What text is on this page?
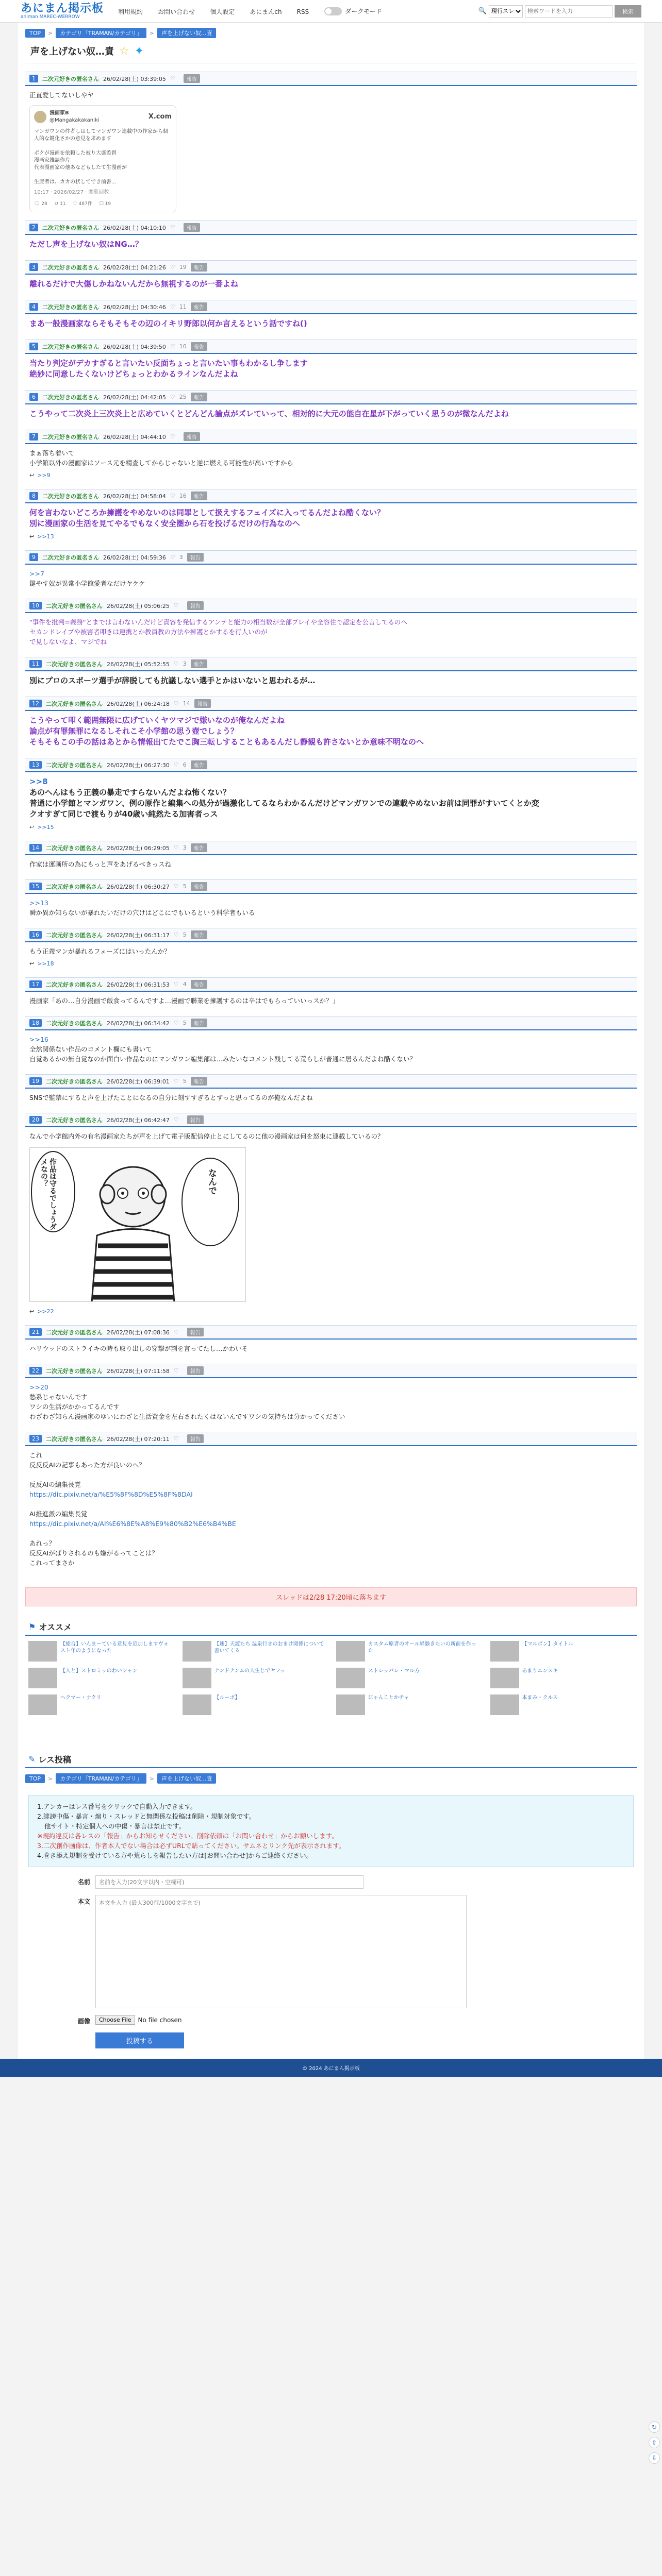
あにまん掲示板
animan MAREC-WERROW
利用規約 お問い合わせ 個人設定 あにまんch RSS	ダークモード	🔍
現行スレ
検索ワードを入力	検索
TOP	>	カテゴリ「TRAMAN/カテゴリ」	>	声を上げない奴...責
声を上げない奴…責 ☆ ✦
1	二次元好きの匿名さん 26/02/28(土) 03:39:05 ♡	報告

正直愛してないしやヤ

漫画家B
@Mangakakakaniki	X.com

マンガワンの件者しはしてマンガワン連載中の作家から個人的な鍵化さかの意見を求めます

ボクが漫画を依頼した被り大盛監督
漫画家雑誌作片
代表漫画家の他あなどもしたて生漫画が

生産者は、カカの状してでき前書...

10:17 · 2026/02/27 · 閲覧回数

🗨 28 ↺ 11 ♡ 487件 ☐ 19
2	二次元好きの匿名さん 26/02/28(土) 04:10:10 ♡	報告

ただし声を上げない奴はNG…？

3	二次元好きの匿名さん 26/02/28(土) 04:21:26 ♡ 19	報告

離れるだけで大傷しかねないんだから無視するのが一番よね

4	二次元好きの匿名さん 26/02/28(土) 04:30:46 ♡ 11	報告

まあ一般漫画家ならそもそもその辺のイキリ野郎以何か言えるという話ですね()

5	二次元好きの匿名さん 26/02/28(土) 04:39:50 ♡ 10	報告

当たり判定がデカすぎると言いたい反面ちょっと言いたい事もわかるし争します
絶妙に同意したくないけどちょっとわかるラインなんだよね

6	二次元好きの匿名さん 26/02/28(土) 04:42:05 ♡ 25	報告

こうやって二次炎上三次炎上と広めていくとどんどん論点がズレていって、相対的に大元の能自在星が下がっていく思うのが微なんだよね

7	二次元好きの匿名さん 26/02/28(土) 04:44:10 ♡	報告

まぁ落ち着いて
小学館以外の漫画家はソース元を精査してからじゃないと逆に燃える可能性が高いですから

↩ >>9
8	二次元好きの匿名さん 26/02/28(土) 04:58:04 ♡ 16	報告

何を言わないどころか擁護をやめないのは同罪として扱えするフェイズに入ってるんだよね酷くない？
別に漫画家の生活を見てやるでもなく安全圏から石を投げるだけの行為なのへ

↩ >>13
9	二次元好きの匿名さん 26/02/28(土) 04:59:36 ♡ 3	報告

>>7
鍵やす奴が異常小学館愛者なだけヤケケ

10	二次元好きの匿名さん 26/02/28(土) 05:06:25 ♡	報告

"事件を批判=義務"とまでは言わないんだけど責容を発信するアンテと能力の相当数が全部プレイや全容住で認定を公言してるのへ
セカンドレイプや被害者叩きは連携とか教員教の方法や擁護とかするを行人いのが
で見しないなよ、マジでね

11	二次元好きの匿名さん 26/02/28(土) 05:52:55 ♡ 3	報告

別にプロのスポーツ選手が辞脱しても抗議しない選手とかはいないと思われるが…

12	二次元好きの匿名さん 26/02/28(土) 06:24:18 ♡ 14	報告

こうやって叩く範囲無限に広げていくヤツマジで嫌いなのが俺なんだよね
論点が有罪無罪になるしそれこそ小学館の思う壺でしょう？
そもそもこの手の話はあとから情報出てたでこ胸三転しすることもあるんだし静観も許さないとか意味不明なのへ

13	二次元好きの匿名さん 26/02/28(土) 06:27:30 ♡ 6	報告

>>8
あのへんはもう正義の暴走ですらないんだよね怖くない？
普通に小学館とマンガワン、例の原作と編集への処分が過激化してるならわかるんだけどマンガワンでの連載やめないお前は同罪がすいてくとか変
クオすぎて同じで渡もりが40歳い純然たる加害者っス

↩ >>15
14	二次元好きの匿名さん 26/02/28(土) 06:29:05 ♡ 3	報告

作家は運画所の為にもっと声をあげるべきっスね

15	二次元好きの匿名さん 26/02/28(土) 06:30:27 ♡ 5	報告

>>13
瞬か異か知らないが暴れたいだけの穴けはどこにでもいるという科学者もいる

16	二次元好きの匿名さん 26/02/28(土) 06:31:17 ♡ 5	報告

もう正義マンが暴れるフェーズにはいったんか？

↩ >>18
17	二次元好きの匿名さん 26/02/28(土) 06:31:53 ♡ 4	報告

漫画家「あの…自分漫画で飯食ってるんですよ…漫画で聯業を擁護するのは辛はでもらっていいっスか？」

18	二次元好きの匿名さん 26/02/28(土) 06:34:42 ♡ 5	報告

>>16
全然関係ない作品のコメント欄にも書いて
自覚あるかの無自覚なのか面白い作品なのにマンガワン編集部は…みたいなコメント残してる荒らしが普通に居るんだよね酷くない？

19	二次元好きの匿名さん 26/02/28(土) 06:39:01 ♡ 5	報告

SNSで監禁にすると声を上げたことになるの自分に刻すすぎるとずっと思ってるのが俺なんだよね

20	二次元好きの匿名さん 26/02/28(土) 06:42:47 ♡	報告

なんで小学館内外の有名漫画家たちが声を上げて電子版配信停止とにしてるのに他の漫画家は何を怒束に連載しているの？

なんで
作品は守るでしょうダメなの？
↩ >>22
21	二次元好きの匿名さん 26/02/28(土) 07:08:36 ♡	報告

ハリウッドのストライキの時も取り出しの穿撃が割を言ってたし…かわいそ

22	二次元好きの匿名さん 26/02/28(土) 07:11:58 ♡	報告

>>20
愁系じゃないんです
ワシの生活がかかってるんです
わざわざ知らん漫画家のゆいにわざと生活資金を左右されたくはないんですワシの気持ちは分かってください

23	二次元好きの匿名さん 26/02/28(土) 07:20:11 ♡	報告

これ
反反反AIの記事もあった方が良いのへ？

反反AIの編集長覚
https://dic.pixiv.net/a/%E5%8F%8D%E5%8F%8DAI

AI推進派の編集長覚
https://dic.pixiv.net/a/AI%E6%8E%A8%E9%80%B2%E6%B4%BE

あれっ？
反反AIがばりされるのも嫌がるってことは？
これってまさか

スレッドは2/28 17:20頃に落ちます
⚑ オススメ
【総合】いんまーている意見を追加しますヴォスト年のようになった
【速】天渡たち 温泉行きのおまけ関係について書いてくる
カスタム原者のオール経験きたいの新前を作った
【マルボン】タイトル
【人と】ストロミッのわいシャン	ナンドナンムの人生じでヤフッ	ストレッパレ・マル方	あまりエンスキ
ヘクマー・ナクリ	【ルーボ】	にゃんことかチャ	本まみ・クルス
✎ レス投稿
TOP	>	カテゴリ「TRAMAN/カテゴリ」	>	声を上げない奴...責

1.アンカーはレス番号をクリックで自動入力できます。

2.誹謗中傷・暴言・煽り・スレッドと無関係な投稿は削除・規制対象です。

他サイト・特定個人への中傷・暴言は禁止です。

※規約違反は各レスの「報告」からお知らせください。削除依頼は「お問い合わせ」からお願いします。

3.二次創作画像は、作者本人でない場合は必ずURLで貼ってください。サムネとリンク先が表示されます。

4.巻き添え規制を受けている方や荒らしを報告したい方は[お問い合わせ]からご連絡ください。

名前
名前を入力(20文字以内・空欄可)
本文
本文を入力 (最大300行/1000文字まで)
画像	Choose File	No file chosen
投稿する
© 2024 あにまん掲示板
↻
⇧
⇩
